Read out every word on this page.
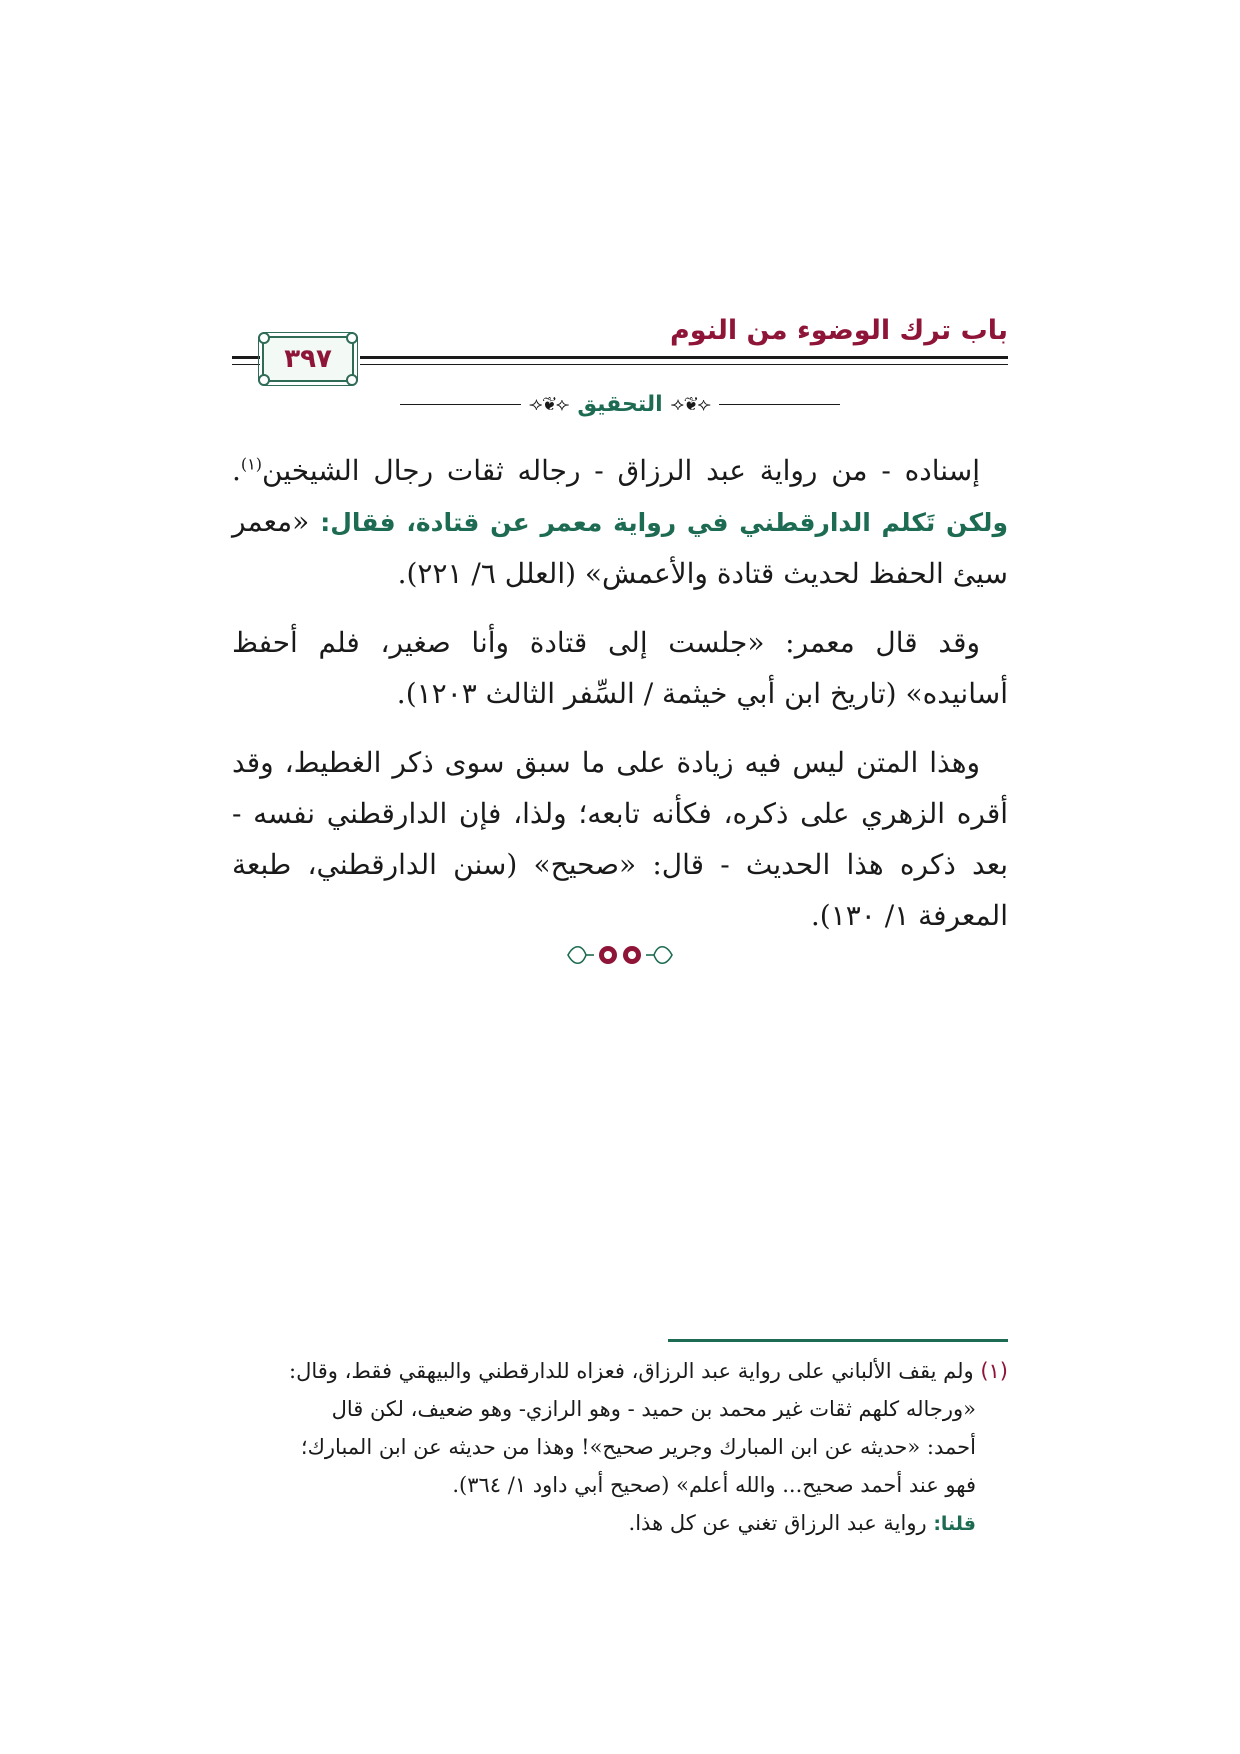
باب ترك الوضوء من النوم
٣٩٧
⟢❦⟣
التحقيق
⟢❦⟣

إسناده - من رواية عبد الرزاق - رجاله ثقات رجال الشيخين$^{(١)}$. ولكن تَكلم الدارقطني في رواية معمر عن قتادة، فقال: «معمر سيئ الحفظ لحديث قتادة والأعمش» (العلل ٦/ ٢٢١).

وقد قال معمر: «جلست إلى قتادة وأنا صغير، فلم أحفظ أسانيده» (تاريخ ابن أبي خيثمة / السِّفر الثالث ١٢٠٣).

وهذا المتن ليس فيه زيادة على ما سبق سوى ذكر الغطيط، وقد أقره الزهري على ذكره، فكأنه تابعه؛ ولذا، فإن الدارقطني نفسه - بعد ذكره هذا الحديث - قال: «صحيح» (سنن الدارقطني، طبعة المعرفة ١/ ١٣٠).

(١) ولم يقف الألباني على رواية عبد الرزاق، فعزاه للدارقطني والبيهقي فقط، وقال:

«ورجاله كلهم ثقات غير محمد بن حميد - وهو الرازي- وهو ضعيف، لكن قال

أحمد: «حديثه عن ابن المبارك وجرير صحيح»! وهذا من حديثه عن ابن المبارك؛

فهو عند أحمد صحيح... والله أعلم» (صحيح أبي داود ١/ ٣٦٤).

قلنا: رواية عبد الرزاق تغني عن كل هذا.
